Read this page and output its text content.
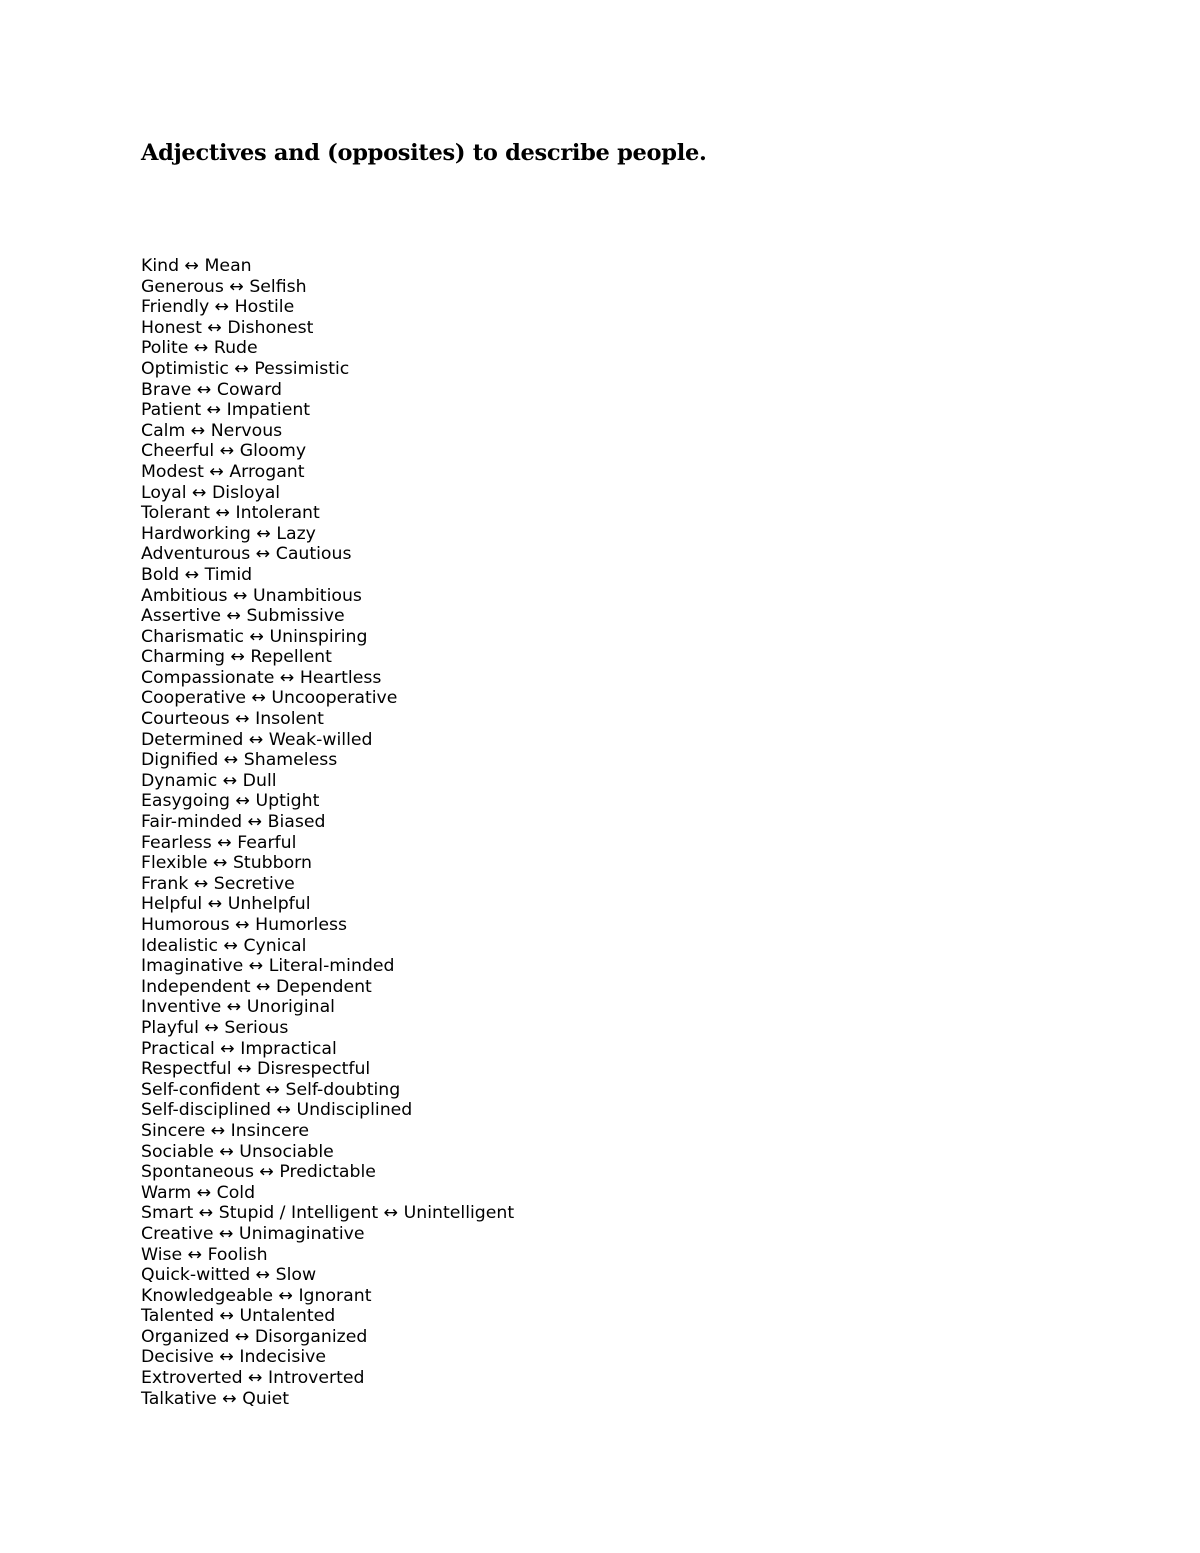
Adjectives and (opposites) to describe people.
Kind ↔ Mean
Generous ↔ Selfish
Friendly ↔ Hostile
Honest ↔ Dishonest
Polite ↔ Rude
Optimistic ↔ Pessimistic
Brave ↔ Coward
Patient ↔ Impatient
Calm ↔ Nervous
Cheerful ↔ Gloomy
Modest ↔ Arrogant
Loyal ↔ Disloyal
Tolerant ↔ Intolerant
Hardworking ↔ Lazy
Adventurous ↔ Cautious
Bold ↔ Timid
Ambitious ↔ Unambitious
Assertive ↔ Submissive
Charismatic ↔ Uninspiring
Charming ↔ Repellent
Compassionate ↔ Heartless
Cooperative ↔ Uncooperative
Courteous ↔ Insolent
Determined ↔ Weak-willed
Dignified ↔ Shameless
Dynamic ↔ Dull
Easygoing ↔ Uptight
Fair-minded ↔ Biased
Fearless ↔ Fearful
Flexible ↔ Stubborn
Frank ↔ Secretive
Helpful ↔ Unhelpful
Humorous ↔ Humorless
Idealistic ↔ Cynical
Imaginative ↔ Literal-minded
Independent ↔ Dependent
Inventive ↔ Unoriginal
Playful ↔ Serious
Practical ↔ Impractical
Respectful ↔ Disrespectful
Self-confident ↔ Self-doubting
Self-disciplined ↔ Undisciplined
Sincere ↔ Insincere
Sociable ↔ Unsociable
Spontaneous ↔ Predictable
Warm ↔ Cold
Smart ↔ Stupid / Intelligent ↔ Unintelligent
Creative ↔ Unimaginative
Wise ↔ Foolish
Quick-witted ↔ Slow
Knowledgeable ↔ Ignorant
Talented ↔ Untalented
Organized ↔ Disorganized
Decisive ↔ Indecisive
Extroverted ↔ Introverted
Talkative ↔ Quiet
